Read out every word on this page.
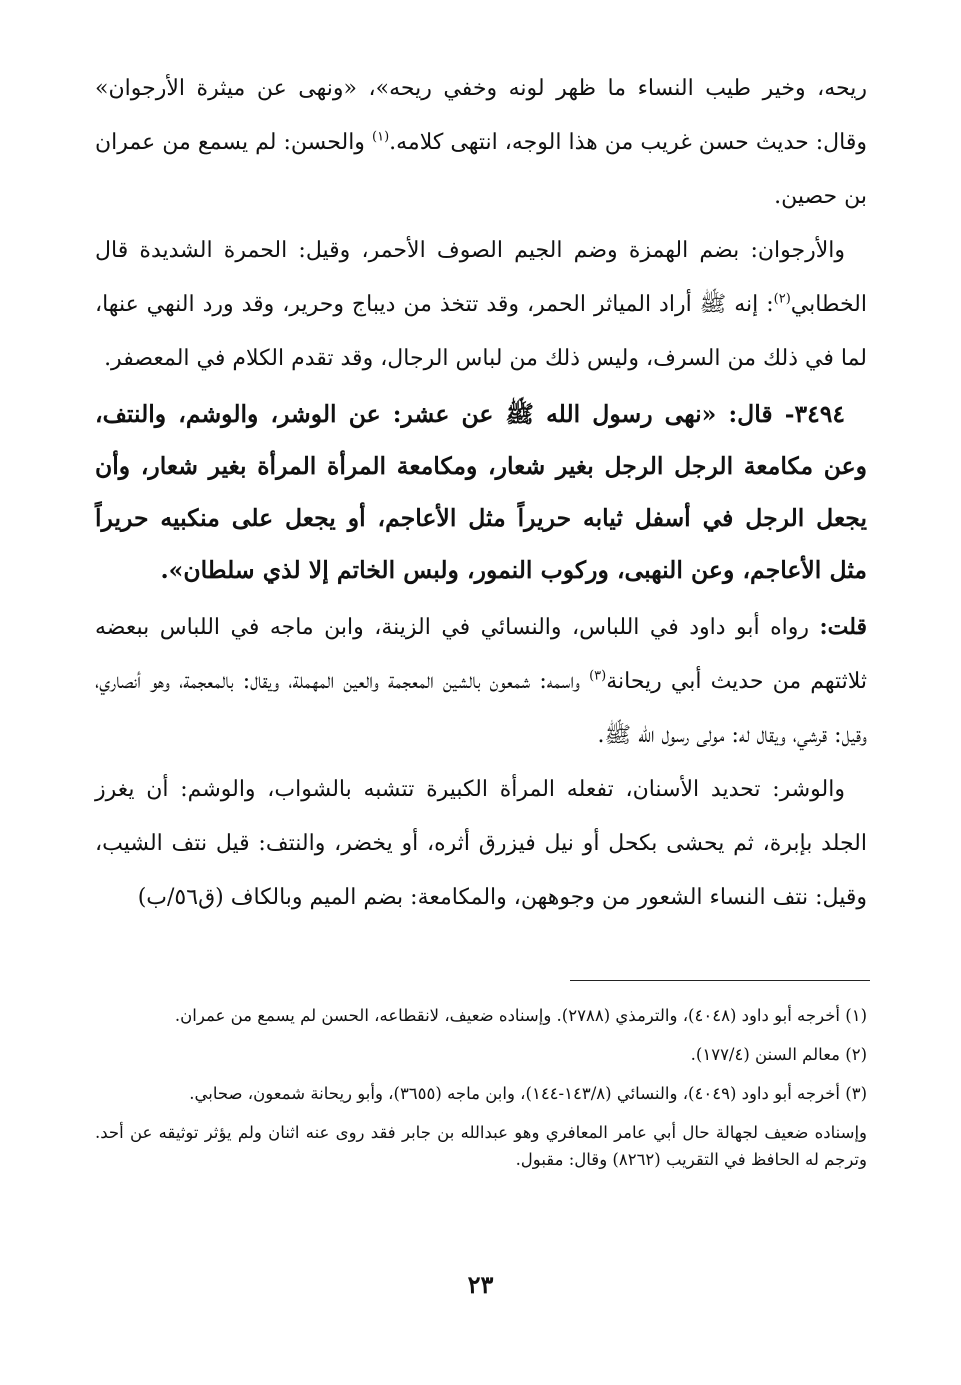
ريحه، وخير طيب النساء ما ظهر لونه وخفي ريحه»، «ونهى عن ميثرة الأرجوان» وقال: حديث حسن غريب من هذا الوجه، انتهى كلامه.$^{(١)}$ والحسن: لم يسمع من عمران بن حصين.

والأرجوان: بضم الهمزة وضم الجيم الصوف الأحمر، وقيل: الحمرة الشديدة قال الخطابي$^{(٢)}$: إنه ﷺ أراد المياثر الحمر، وقد تتخذ من ديباج وحرير، وقد ورد النهي عنها، لما في ذلك من السرف، وليس ذلك من لباس الرجال، وقد تقدم الكلام في المعصفر.

٣٤٩٤- قال: «نهى رسول الله ﷺ عن عشر: عن الوشر، والوشم، والنتف، وعن مكامعة الرجل الرجل بغير شعار، ومكامعة المرأة المرأة بغير شعار، وأن يجعل الرجل في أسفل ثيابه حريراً مثل الأعاجم، أو يجعل على منكبيه حريراً مثل الأعاجم، وعن النهبى، وركوب النمور، ولبس الخاتم إلا لذي سلطان».

قلت: رواه أبو داود في اللباس، والنسائي في الزينة، وابن ماجه في اللباس ببعضه ثلاثتهم من حديث أبي ريحانة$^{(٣)}$ واسمه: شمعون بالشين المعجمة والعين المهملة، ويقال: بالمعجمة، وهو أنصاري، وقيل: قرشي، ويقال له: مولى رسول الله ﷺ.

والوشر: تحديد الأسنان، تفعله المرأة الكبيرة تتشبه بالشواب، والوشم: أن يغرز الجلد بإبرة، ثم يحشى بكحل أو نيل فيزرق أثره، أو يخضر، والنتف: قيل نتف الشيب، وقيل: نتف النساء الشعور من وجوههن، والمكامعة: بضم الميم وبالكاف (ق٥٦/ب)

(١) أخرجه أبو داود (٤٠٤٨)، والترمذي (٢٧٨٨). وإسناده ضعيف، لانقطاعه، الحسن لم يسمع من عمران.

(٢) معالم السنن (١٧٧/٤).

(٣) أخرجه أبو داود (٤٠٤٩)، والنسائي (١٤٣/٨-١٤٤)، وابن ماجه (٣٦٥٥)، وأبو ريحانة شمعون، صحابي.

وإسناده ضعيف لجهالة حال أبي عامر المعافري وهو عبدالله بن جابر فقد روى عنه اثنان ولم يؤثر توثيقه عن أحد. وترجم له الحافظ في التقريب (٨٢٦٢) وقال: مقبول.

٢٣
